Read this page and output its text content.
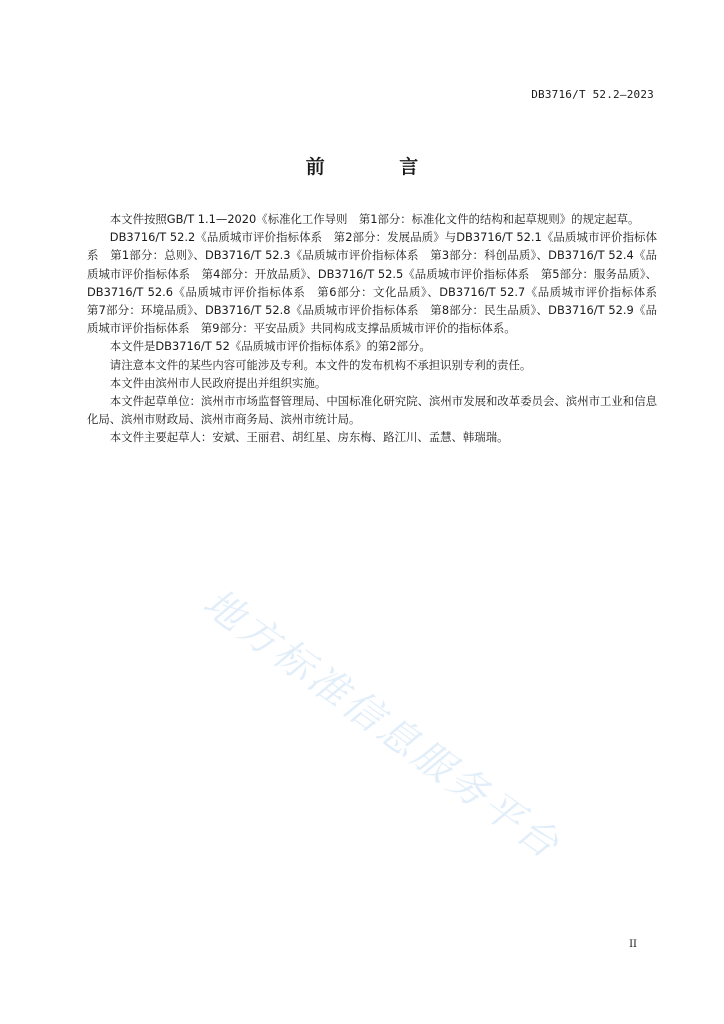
DB3716/T 52.2—2023
前 言

本文件按照GB/T 1.1—2020《标准化工作导则　第1部分：标准化文件的结构和起草规则》的规定起草。

DB3716/T 52.2《品质城市评价指标体系　第2部分：发展品质》与DB3716/T 52.1《品质城市评价指标体系　第1部分：总则》、DB3716/T 52.3《品质城市评价指标体系　第3部分：科创品质》、DB3716/T 52.4《品质城市评价指标体系　第4部分：开放品质》、DB3716/T 52.5《品质城市评价指标体系　第5部分：服务品质》、DB3716/T 52.6《品质城市评价指标体系　第6部分：文化品质》、DB3716/T 52.7《品质城市评价指标体系　第7部分：环境品质》、DB3716/T 52.8《品质城市评价指标体系　第8部分：民生品质》、DB3716/T 52.9《品质城市评价指标体系　第9部分：平安品质》共同构成支撑品质城市评价的指标体系。

本文件是DB3716/T 52《品质城市评价指标体系》的第2部分。

请注意本文件的某些内容可能涉及专利。本文件的发布机构不承担识别专利的责任。

本文件由滨州市人民政府提出并组织实施。

本文件起草单位：滨州市市场监督管理局、中国标准化研究院、滨州市发展和改革委员会、滨州市工业和信息化局、滨州市财政局、滨州市商务局、滨州市统计局。

本文件主要起草人：安斌、王丽君、胡红星、房东梅、路江川、孟慧、韩瑞瑞。

地方标准信息服务平台
II
